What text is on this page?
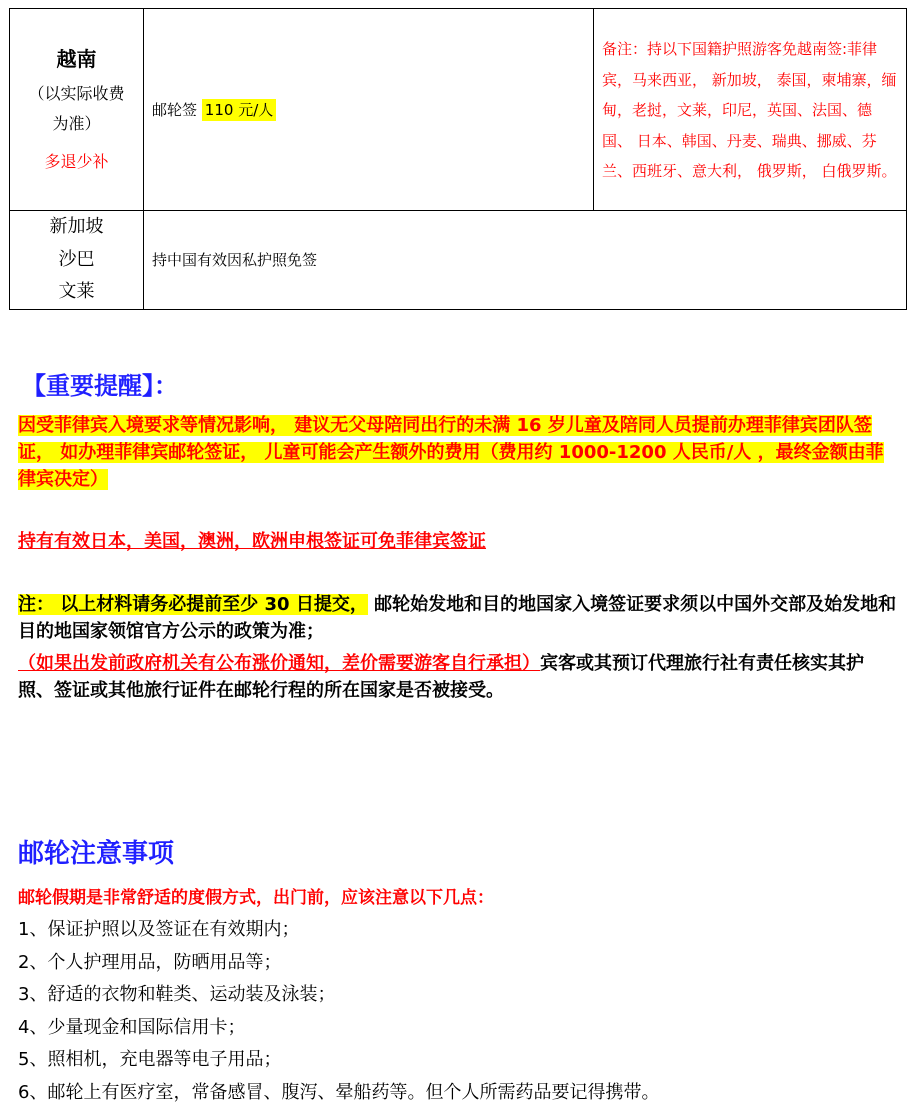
越南
（以实际收费
为准）
多退少补	邮轮签 110 元/人	备注：持以下国籍护照游客免越南签:菲律宾，马来西亚， 新加坡， 泰国，柬埔寨，缅甸，老挝，文莱，印尼，英国、法国、德国、 日本、韩国、丹麦、瑞典、挪威、芬兰、西班牙、意大利， 俄罗斯， 白俄罗斯。

新加坡
沙巴
文莱	持中国有效因私护照免签	
【重要提醒】：

因受菲律宾入境要求等情况影响， 建议无父母陪同出行的未满 16 岁儿童及陪同人员提前办理菲律宾团队签证， 如办理菲律宾邮轮签证， 儿童可能会产生额外的费用（费用约 1000-1200 人民币/人 ，最终金额由菲律宾决定）

持有有效日本，美国，澳洲，欧洲申根签证可免菲律宾签证

注： 以上材料请务必提前至少 30 日提交， 邮轮始发地和目的地国家入境签证要求须以中国外交部及始发地和目的地国家领馆官方公示的政策为准；

（如果出发前政府机关有公布涨价通知，差价需要游客自行承担）宾客或其预订代理旅行社有责任核实其护照、签证或其他旅行证件在邮轮行程的所在国家是否被接受。

邮轮注意事项

邮轮假期是非常舒适的度假方式，出门前，应该注意以下几点：

1、保证护照以及签证在有效期内；
2、个人护理用品，防晒用品等；
3、舒适的衣物和鞋类、运动装及泳装；
4、少量现金和国际信用卡；
5、照相机，充电器等电子用品；
6、邮轮上有医疗室，常备感冒、腹泻、晕船药等。但个人所需药品要记得携带。
